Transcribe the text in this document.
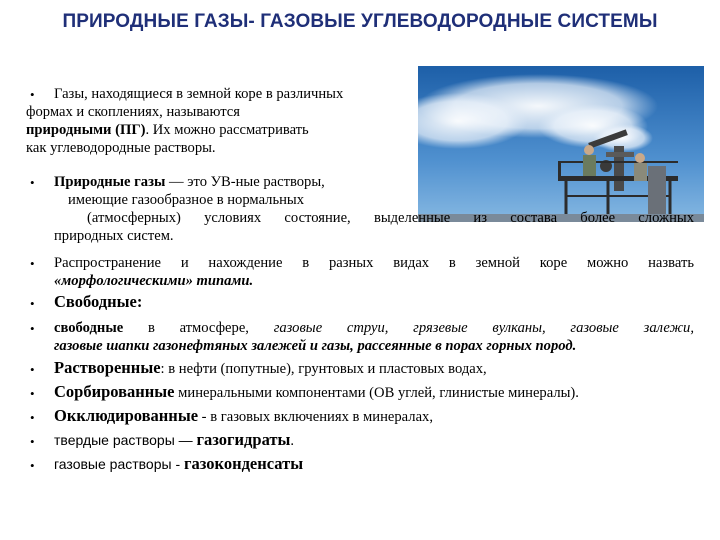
ПРИРОДНЫЕ ГАЗЫ- ГАЗОВЫЕ УГЛЕВОДОРОДНЫЕ СИСТЕМЫ
•	Газы, находящиеся в земной коре в различных
формах и скоплениях, называются
природными (ПГ). Их можно рассматривать
как углеводородные растворы.
• Природные газы — это УВ-ные растворы,
имеющие газообразное в нормальных
(атмосферных) условиях состояние, выделенные из состава более сложных
природных систем.
• Распространение и нахождение в разных видах в земной коре можно назвать
«морфологическими» типами.
• Свободные:
• свободные в атмосфере, газовые струи, грязевые вулканы, газовые залежи,
газовые шапки газонефтяных залежей и газы, рассеянные в порах горных пород.
• Растворенные: в нефти (попутные), грунтовых и пластовых водах,
• Сорбированные минеральными компонентами (ОВ углей, глинистые минералы).
• Окклюдированные - в газовых включениях в минералах,
• твердые растворы — газогидраты.
• газовые растворы - газоконденсаты
